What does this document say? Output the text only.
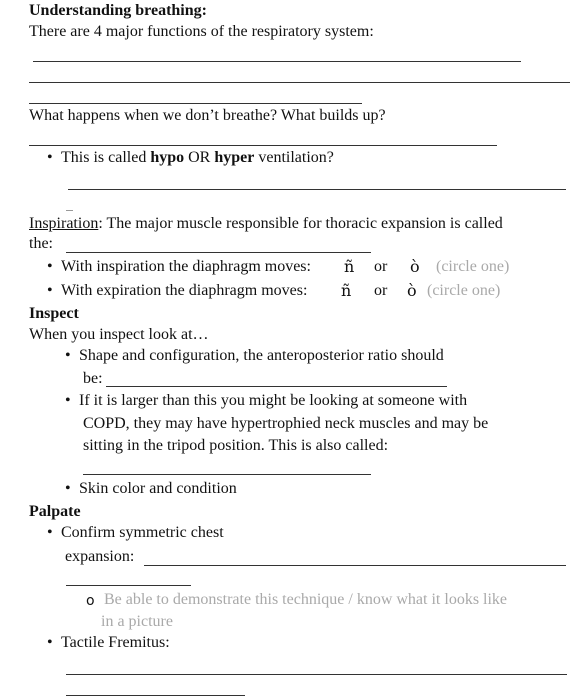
Understanding breathing:
There are 4 major functions of the respiratory system:
What happens when we don’t breathe? What builds up?
• This is called hypo OR hyper ventilation?
Inspiration: The major muscle responsible for thoracic expansion is called
the:
• With inspiration the diaphragm moves: ñ or ò (circle one)
• With expiration the diaphragm moves: ñ or ò (circle one)
Inspect
When you inspect look at…
• Shape and configuration, the anteroposterior ratio should
be:
• If it is larger than this you might be looking at someone with
COPD, they may have hypertrophied neck muscles and may be
sitting in the tripod position. This is also called:
• Skin color and condition
Palpate
• Confirm symmetric chest
expansion:
o Be able to demonstrate this technique / know what it looks like
in a picture
• Tactile Fremitus:
